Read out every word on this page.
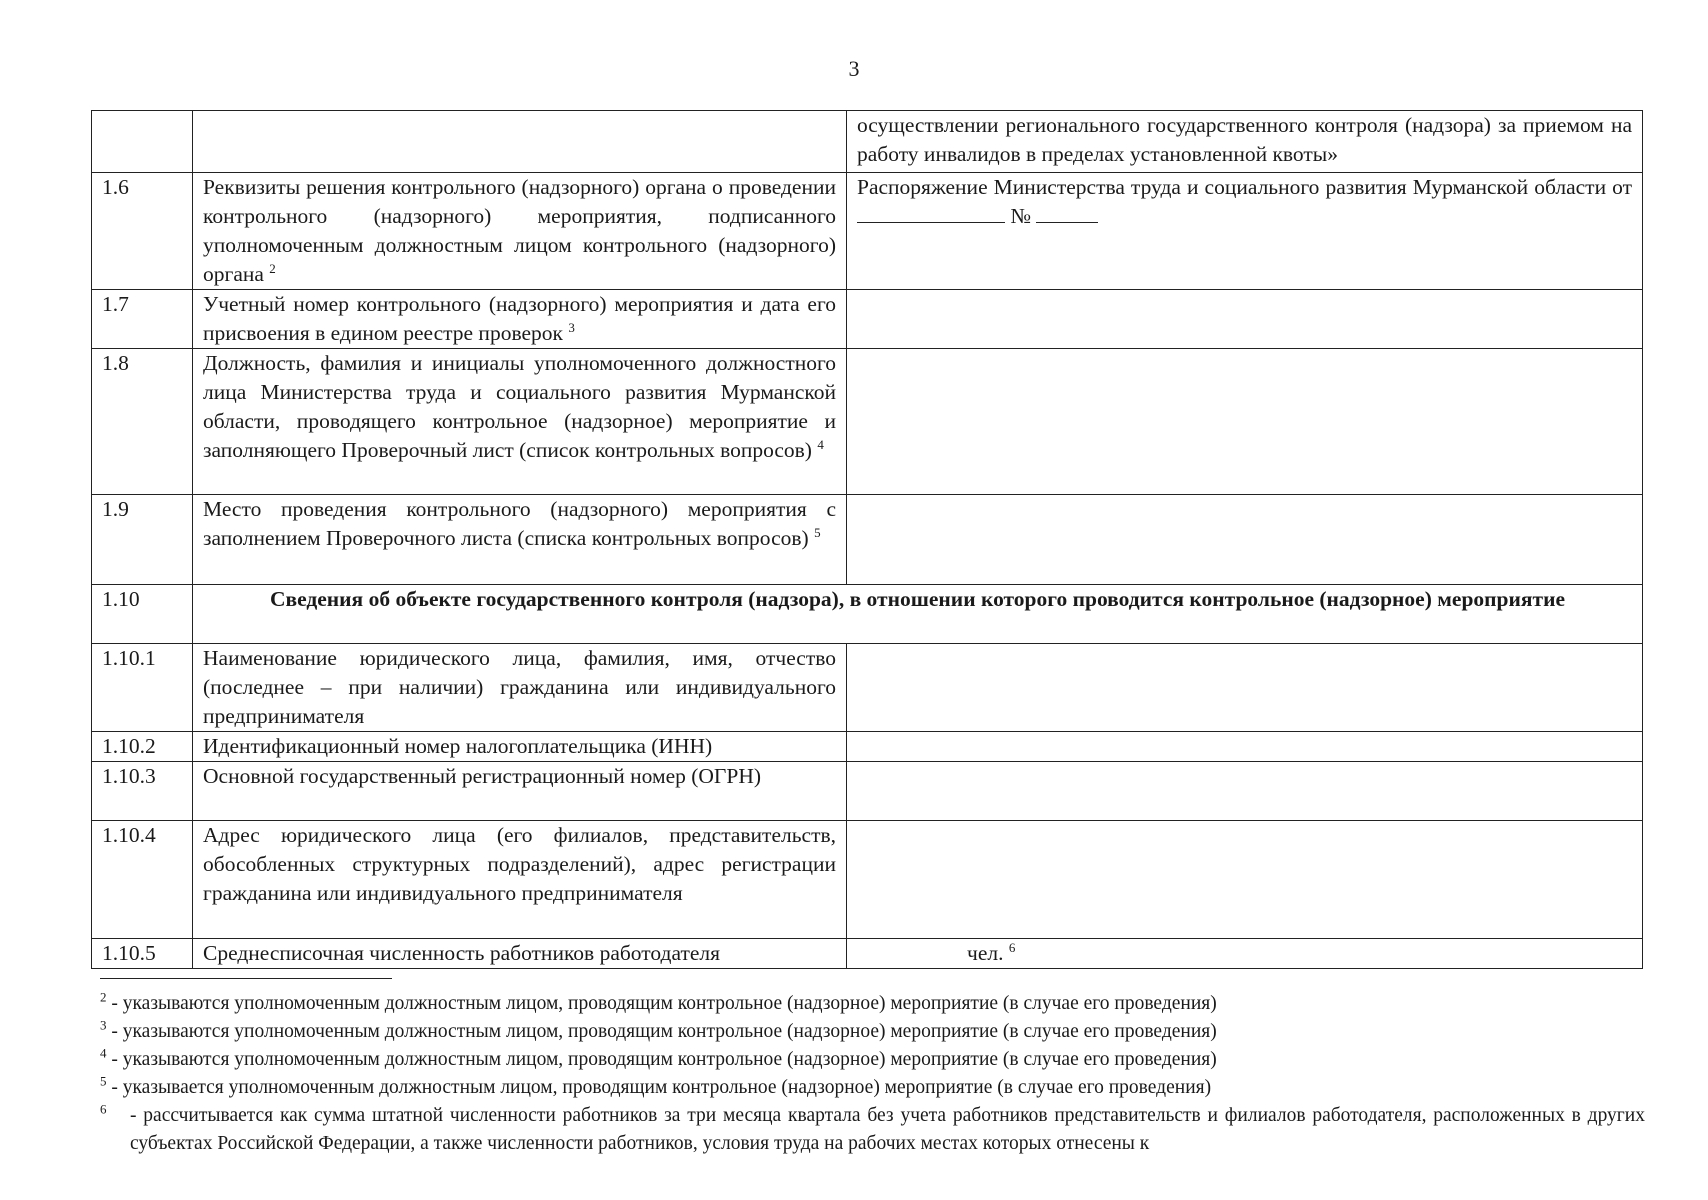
3
		осуществлении регионального государственного контроля (надзора) за приемом на работу инвалидов в пределах установленной квоты»
1.6	Реквизиты решения контрольного (надзорного) органа о проведении контрольного (надзорного) мероприятия, подписанного уполномоченным должностным лицом контрольного (надзорного) органа $^2$	Распоряжение Министерства труда и социального развития Мурманской области от  №
1.7	Учетный номер контрольного (надзорного) мероприятия и дата его присвоения в едином реестре проверок $^3$	
1.8	Должность, фамилия и инициалы уполномоченного должностного лица Министерства труда и социального развития Мурманской области, проводящего контрольное (надзорное) мероприятие и заполняющего Проверочный лист (список контрольных вопросов) $^4$	
1.9	Место проведения контрольного (надзорного) мероприятия с заполнением Проверочного листа (списка контрольных вопросов) $^5$	
1.10	Сведения об объекте государственного контроля (надзора), в отношении которого проводится контрольное (надзорное) мероприятие	
1.10.1	Наименование юридического лица, фамилия, имя, отчество (последнее – при наличии) гражданина или индивидуального предпринимателя	
1.10.2	Идентификационный номер налогоплательщика (ИНН)	
1.10.3	Основной государственный регистрационный номер (ОГРН)	
1.10.4	Адрес юридического лица (его филиалов, представительств, обособленных структурных подразделений), адрес регистрации гражданина или индивидуального предпринимателя	
1.10.5	Среднесписочная численность работников работодателя	чел. $^6$
$^2$ - указываются уполномоченным должностным лицом, проводящим контрольное (надзорное) мероприятие (в случае его проведения)
$^3$ - указываются уполномоченным должностным лицом, проводящим контрольное (надзорное) мероприятие (в случае его проведения)
$^4$ - указываются уполномоченным должностным лицом, проводящим контрольное (надзорное) мероприятие (в случае его проведения)
$^5$ - указывается уполномоченным должностным лицом, проводящим контрольное (надзорное) мероприятие (в случае его проведения)
$^6$	- рассчитывается как сумма штатной численности работников за три месяца квартала без учета работников представительств и филиалов работодателя, расположенных в других субъектах Российской Федерации, а также численности работников, условия труда на рабочих местах которых отнесены к
